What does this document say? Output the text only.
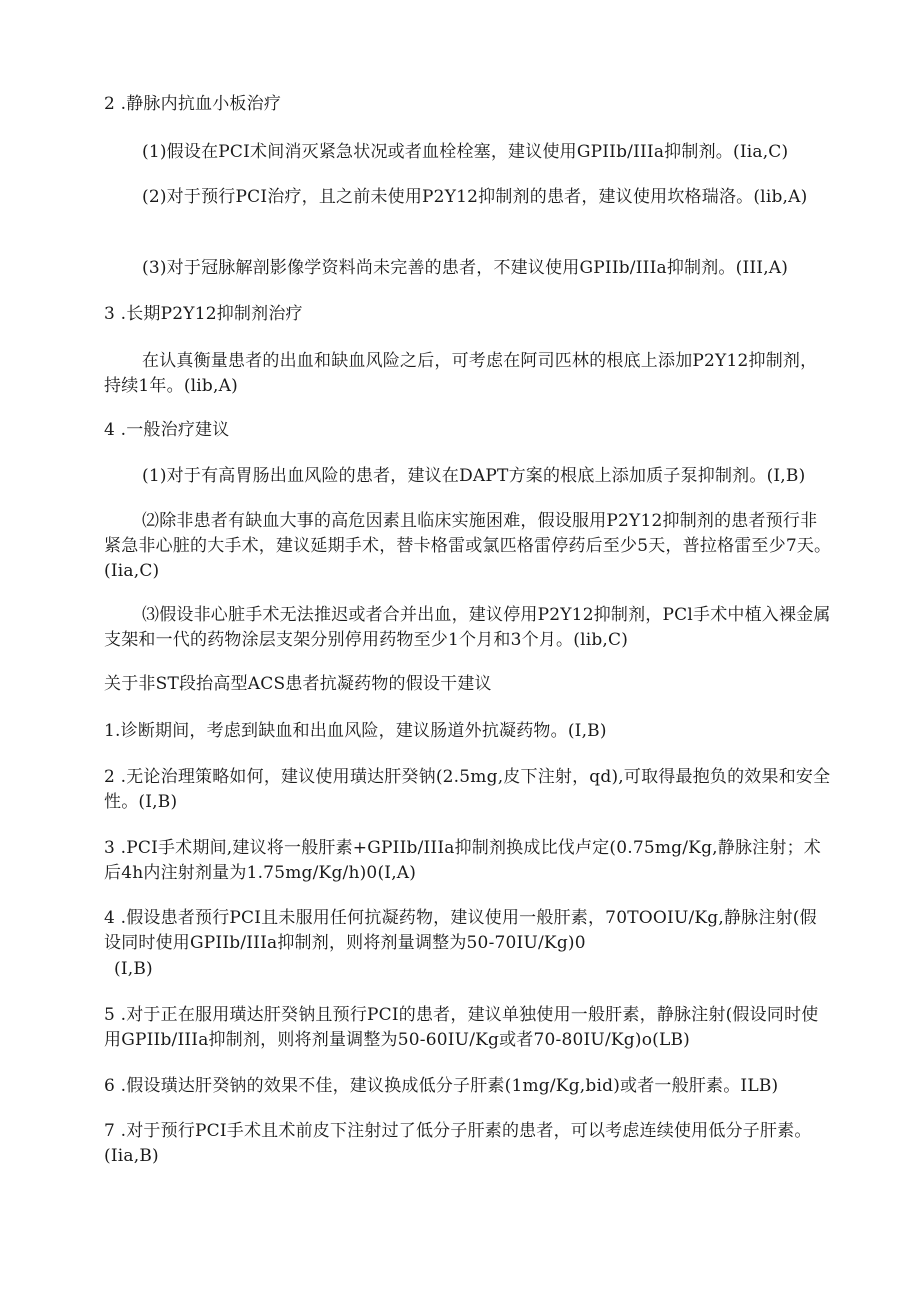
2 .静脉内抗血小板治疗

(1)假设在PCI术间消灭紧急状况或者血栓栓塞，建议使用GPIIb/IIIa抑制剂。(Iia,C)

(2)对于预行PCI治疗，且之前未使用P2Y12抑制剂的患者，建议使用坎格瑞洛。(lib,A)

(3)对于冠脉解剖影像学资料尚未完善的患者，不建议使用GPIIb/IIIa抑制剂。(III,A)

3 .长期P2Y12抑制剂治疗

在认真衡量患者的出血和缺血风险之后，可考虑在阿司匹林的根底上添加P2Y12抑制剂，持续1年。(lib,A)

4 .一般治疗建议

(1)对于有高胃肠出血风险的患者，建议在DAPT方案的根底上添加质子泵抑制剂。(I,B)

⑵除非患者有缺血大事的高危因素且临床实施困难，假设服用P2Y12抑制剂的患者预行非紧急非心脏的大手术，建议延期手术，替卡格雷或氯匹格雷停药后至少5天，普拉格雷至少7天。(Iia,C)

⑶假设非心脏手术无法推迟或者合并出血，建议停用P2Y12抑制剂，PCl手术中植入裸金属支架和一代的药物涂层支架分别停用药物至少1个月和3个月。(lib,C)

关于非ST段抬高型ACS患者抗凝药物的假设干建议

1.诊断期间，考虑到缺血和出血风险，建议肠道外抗凝药物。(I,B)

2 .无论治理策略如何，建议使用璜达肝癸钠(2.5mg,皮下注射，qd),可取得最抱负的效果和安全性。(I,B)

3 .PCI手术期间,建议将一般肝素+GPIIb/IIIa抑制剂换成比伐卢定(0.75mg/Kg,静脉注射；术后4h内注射剂量为1.75mg/Kg/h)0(I,A)

4 .假设患者预行PCI且未服用任何抗凝药物，建议使用一般肝素，70TOOIU/Kg,静脉注射(假设同时使用GPIIb/IIIa抑制剂，则将剂量调整为50-70IU/Kg)0

(I,B)

5 .对于正在服用璜达肝癸钠且预行PCI的患者，建议单独使用一般肝素，静脉注射(假设同时使用GPIIb/IIIa抑制剂，则将剂量调整为50-60IU/Kg或者70-80IU/Kg)o(LB)

6 .假设璜达肝癸钠的效果不佳，建议换成低分子肝素(1mg/Kg,bid)或者一般肝素。ILB)

7 .对于预行PCI手术且术前皮下注射过了低分子肝素的患者，可以考虑连续使用低分子肝素。(Iia,B)
